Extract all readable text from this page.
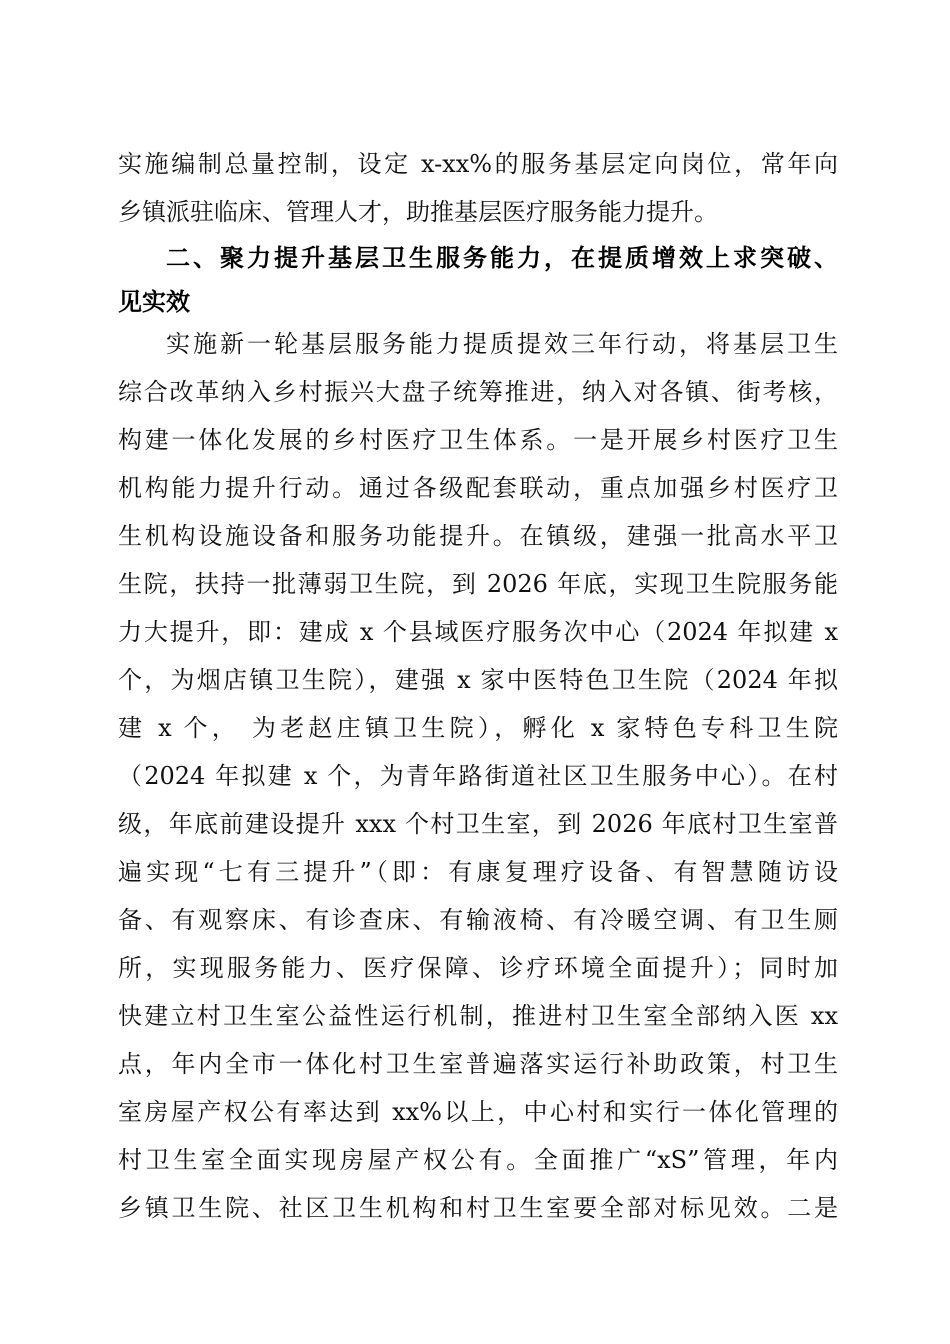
实施编制总量控制，设定 x-xx%的服务基层定向岗位，常年向
乡镇派驻临床、管理人才，助推基层医疗服务能力提升。
二、聚力提升基层卫生服务能力，在提质增效上求突破、
见实效
实施新一轮基层服务能力提质提效三年行动，将基层卫生
综合改革纳入乡村振兴大盘子统筹推进，纳入对各镇、街考核，
构建一体化发展的乡村医疗卫生体系。一是开展乡村医疗卫生
机构能力提升行动。通过各级配套联动，重点加强乡村医疗卫
生机构设施设备和服务功能提升。在镇级，建强一批高水平卫
生院，扶持一批薄弱卫生院，到 2026 年底，实现卫生院服务能
力大提升，即：建成 x 个县域医疗服务次中心（2024 年拟建 x
个，为烟店镇卫生院），建强 x 家中医特色卫生院（2024 年拟
建 x 个， 为老赵庄镇卫生院），孵化 x 家特色专科卫生院
（2024 年拟建 x 个，为青年路街道社区卫生服务中心）。在村
级，年底前建设提升 xxx 个村卫生室，到 2026 年底村卫生室普
遍实现“七有三提升”（即：有康复理疗设备、有智慧随访设
备、有观察床、有诊查床、有输液椅、有冷暖空调、有卫生厕
所，实现服务能力、医疗保障、诊疗环境全面提升）；同时加
快建立村卫生室公益性运行机制，推进村卫生室全部纳入医 xx
点，年内全市一体化村卫生室普遍落实运行补助政策，村卫生
室房屋产权公有率达到 xx%以上，中心村和实行一体化管理的
村卫生室全面实现房屋产权公有。全面推广“xS”管理，年内
乡镇卫生院、社区卫生机构和村卫生室要全部对标见效。二是
